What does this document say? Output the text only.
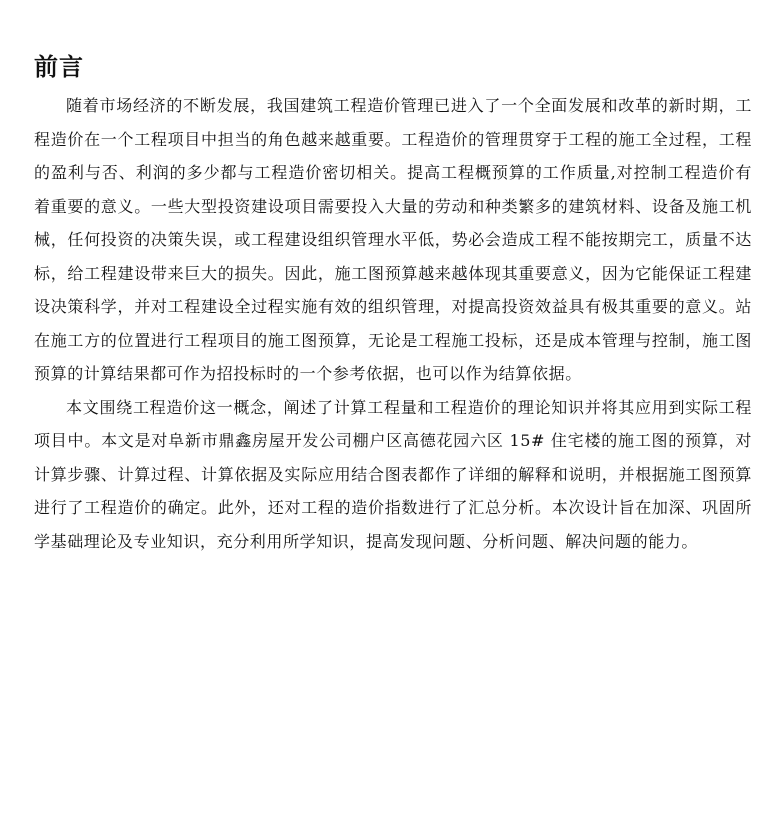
前言

随着市场经济的不断发展，我国建筑工程造价管理已进入了一个全面发展和改革的新时期，工程造价在一个工程项目中担当的角色越来越重要。工程造价的管理贯穿于工程的施工全过程，工程的盈利与否、利润的多少都与工程造价密切相关。提高工程概预算的工作质量,对控制工程造价有着重要的意义。一些大型投资建设项目需要投入大量的劳动和种类繁多的建筑材料、设备及施工机械，任何投资的决策失误，或工程建设组织管理水平低，势必会造成工程不能按期完工，质量不达标，给工程建设带来巨大的损失。因此，施工图预算越来越体现其重要意义，因为它能保证工程建设决策科学，并对工程建设全过程实施有效的组织管理，对提高投资效益具有极其重要的意义。站在施工方的位置进行工程项目的施工图预算，无论是工程施工投标，还是成本管理与控制，施工图预算的计算结果都可作为招投标时的一个参考依据，也可以作为结算依据。

本文围绕工程造价这一概念，阐述了计算工程量和工程造价的理论知识并将其应用到实际工程项目中。本文是对阜新市鼎鑫房屋开发公司棚户区高德花园六区 15# 住宅楼的施工图的预算，对计算步骤、计算过程、计算依据及实际应用结合图表都作了详细的解释和说明，并根据施工图预算进行了工程造价的确定。此外，还对工程的造价指数进行了汇总分析。本次设计旨在加深、巩固所学基础理论及专业知识，充分利用所学知识，提高发现问题、分析问题、解决问题的能力。
